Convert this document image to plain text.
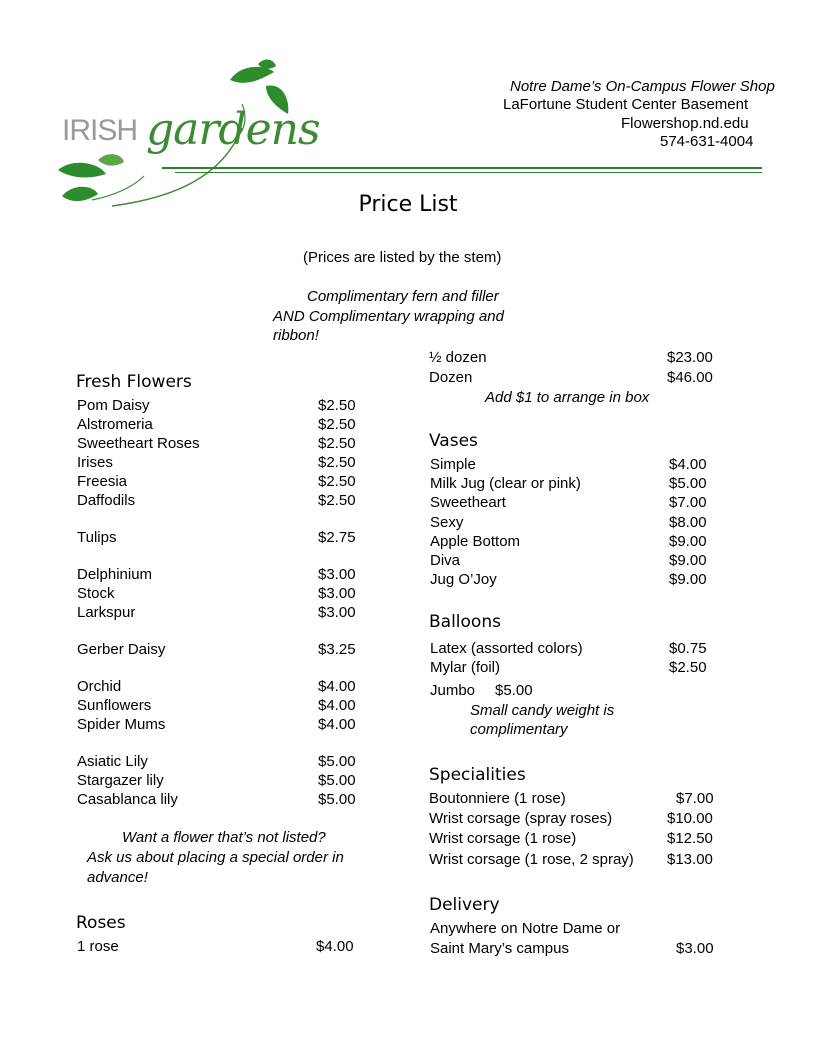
IRISH gardens
Notre Dame’s On-Campus Flower Shop
LaFortune Student Center Basement
Flowershop.nd.edu
574-631-4004
Price List
(Prices are listed by the stem)
Complimentary fern and filler
AND Complimentary wrapping and
ribbon!
Fresh Flowers
Pom Daisy	$2.50
Alstromeria	$2.50
Sweetheart Roses	$2.50
Irises	$2.50
Freesia	$2.50
Daffodils	$2.50
Tulips	$2.75
Delphinium	$3.00
Stock	$3.00
Larkspur	$3.00
Gerber Daisy	$3.25
Orchid	$4.00
Sunflowers	$4.00
Spider Mums	$4.00
Asiatic Lily	$5.00
Stargazer lily	$5.00
Casablanca lily	$5.00
Want a flower that’s not listed?
Ask us about placing a special order in
advance!
Roses
1 rose	$4.00
½ dozen	$23.00
Dozen	$46.00
Add $1 to arrange in box
Vases
Simple	$4.00
Milk Jug (clear or pink)	$5.00
Sweetheart	$7.00
Sexy	$8.00
Apple Bottom	$9.00
Diva	$9.00
Jug O’Joy	$9.00
Balloons
Latex (assorted colors)	$0.75
Mylar (foil)	$2.50
Jumbo $5.00
Small candy weight is
complimentary
Specialities
Boutonniere (1 rose)	$7.00
Wrist corsage (spray roses)	$10.00
Wrist corsage (1 rose)	$12.50
Wrist corsage (1 rose, 2 spray) $13.00
Delivery
Anywhere on Notre Dame or
Saint Mary’s campus	$3.00
